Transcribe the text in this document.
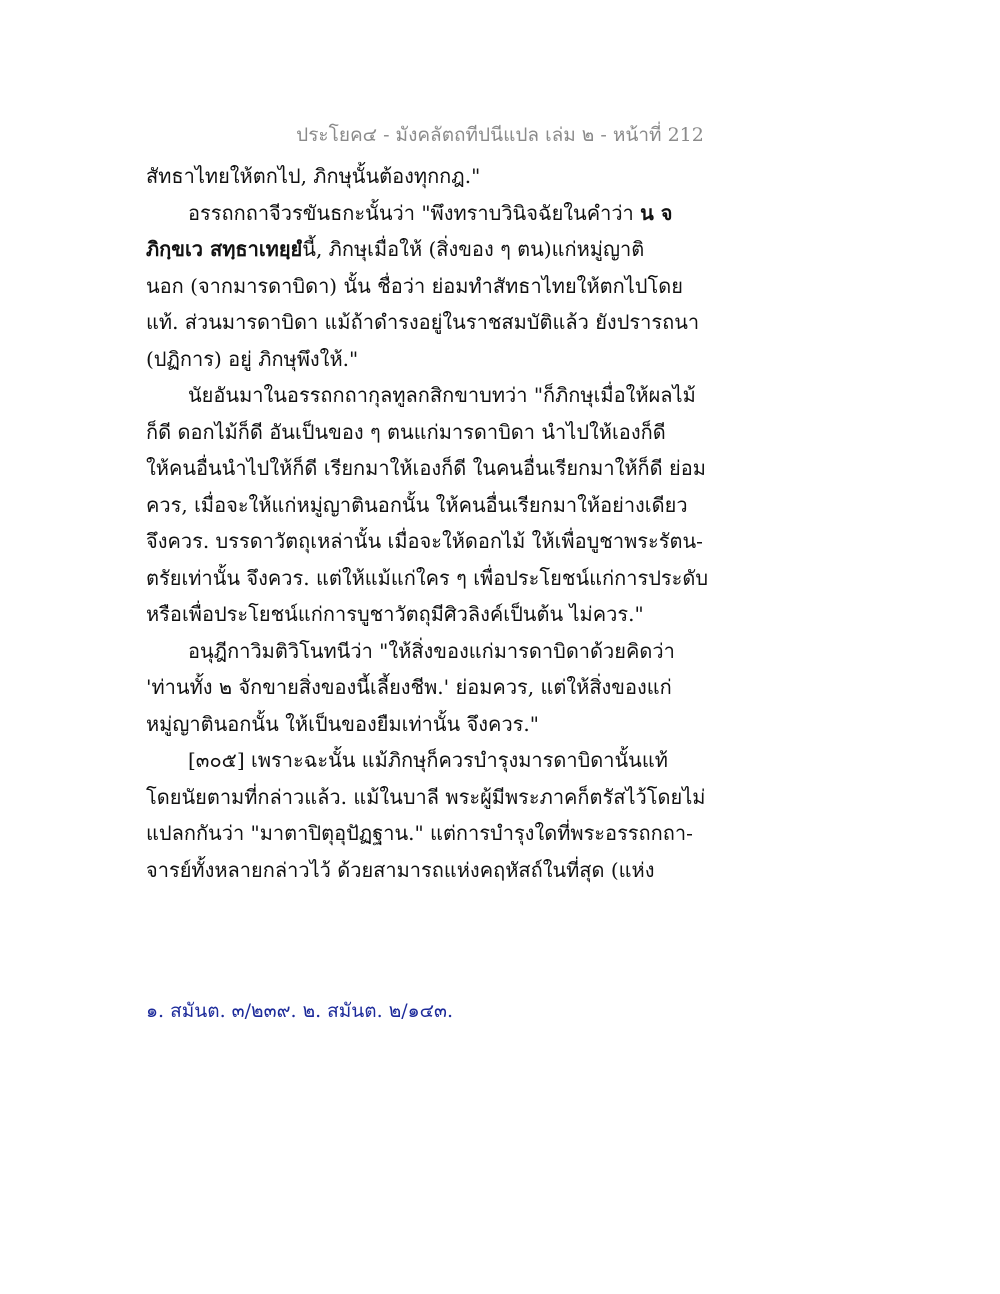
ประโยค๔ - มังคลัตถทีปนีแปล เล่ม ๒ - หน้าที่ 212
สัทธาไทยให้ตกไป, ภิกษุนั้นต้องทุกกฎ."
อรรถกถาจีวรขันธกะนั้นว่า "พึงทราบวินิจฉัยในคำว่า น จ
ภิกฺขเว สทฺธาเทยฺยํนี้, ภิกษุเมื่อให้ (สิ่งของ ๆ ตน)แก่หมู่ญาติ
นอก (จากมารดาบิดา) นั้น ชื่อว่า ย่อมทำสัทธาไทยให้ตกไปโดย
แท้. ส่วนมารดาบิดา แม้ถ้าดำรงอยู่ในราชสมบัติแล้ว ยังปรารถนา
(ปฏิการ) อยู่ ภิกษุพึงให้."
นัยอันมาในอรรถกถากุลทูลกสิกขาบทว่า "ก็ภิกษุเมื่อให้ผลไม้
ก็ดี ดอกไม้ก็ดี อันเป็นของ ๆ ตนแก่มารดาบิดา นำไปให้เองก็ดี
ให้คนอื่นนำไปให้ก็ดี เรียกมาให้เองก็ดี ในคนอื่นเรียกมาให้ก็ดี ย่อม
ควร, เมื่อจะให้แก่หมู่ญาตินอกนั้น ให้คนอื่นเรียกมาให้อย่างเดียว
จึงควร. บรรดาวัตถุเหล่านั้น เมื่อจะให้ดอกไม้ ให้เพื่อบูชาพระรัตน-
ตรัยเท่านั้น จึงควร. แต่ให้แม้แก่ใคร ๆ เพื่อประโยชน์แก่การประดับ
หรือเพื่อประโยชน์แก่การบูชาวัตถุมีศิวลิงค์เป็นต้น ไม่ควร."
อนุฎีกาวิมติวิโนทนีว่า "ให้สิ่งของแก่มารดาบิดาด้วยคิดว่า
'ท่านทั้ง ๒ จักขายสิ่งของนี้เลี้ยงชีพ.' ย่อมควร, แต่ให้สิ่งของแก่
หมู่ญาตินอกนั้น ให้เป็นของยืมเท่านั้น จึงควร."
[๓๐๕] เพราะฉะนั้น แม้ภิกษุก็ควรบำรุงมารดาบิดานั้นแท้
โดยนัยตามที่กล่าวแล้ว. แม้ในบาลี พระผู้มีพระภาคก็ตรัสไว้โดยไม่
แปลกกันว่า "มาตาปิตุอุปัฏฐาน." แต่การบำรุงใดที่พระอรรถกถา-
จารย์ทั้งหลายกล่าวไว้ ด้วยสามารถแห่งคฤหัสถ์ในที่สุด (แห่ง
๑. สมันต. ๓/๒๓๙. ๒. สมันต. ๒/๑๔๓.
